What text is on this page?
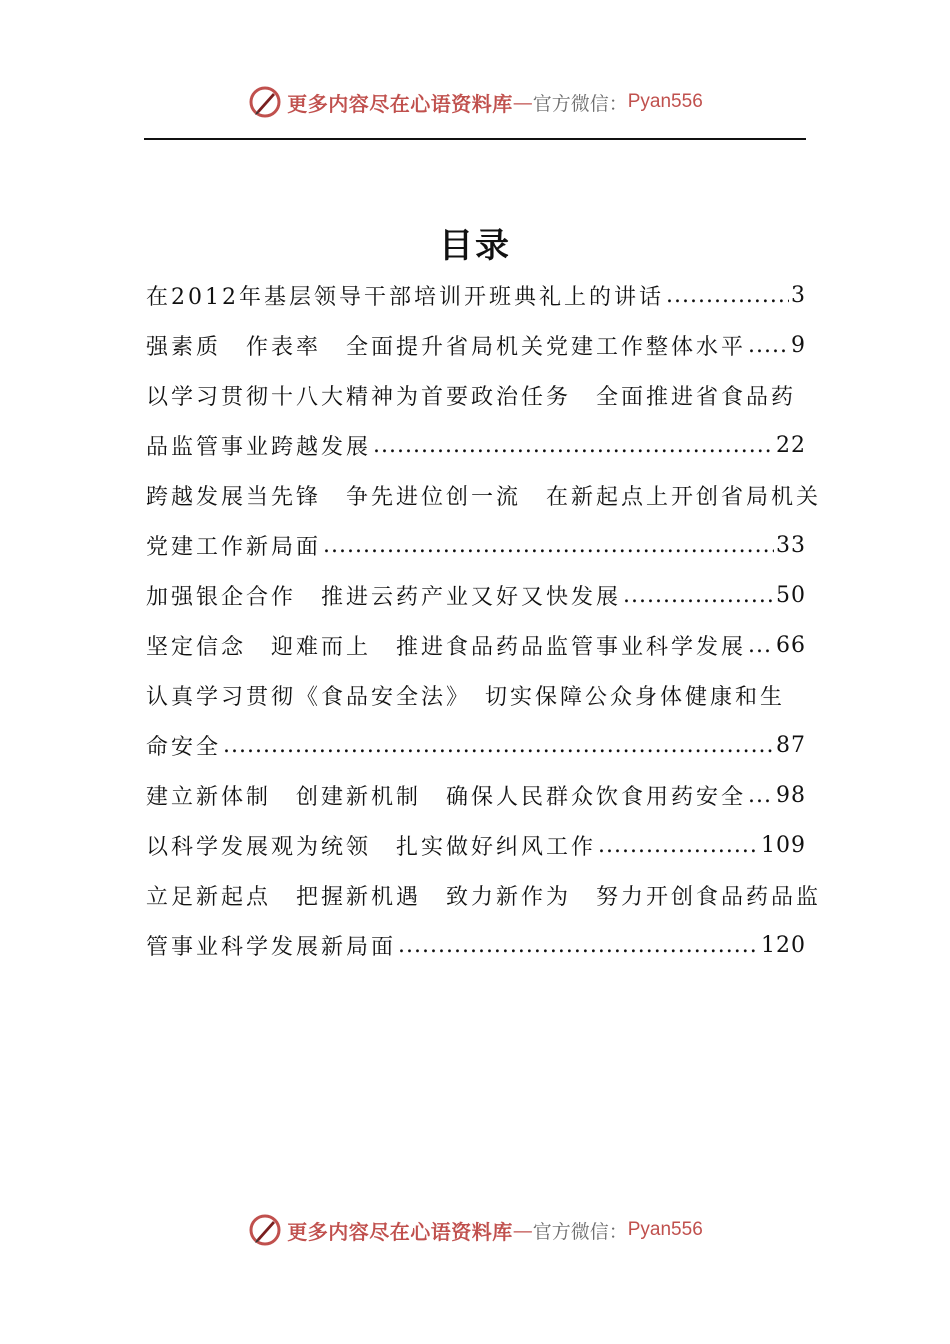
更多内容尽在心语资料库 — 官方微信： Pyan556
目录
在2012年基层领导干部培训开班典礼上的讲话 .....	3
强素质　作表率　全面提升省局机关党建工作整体水平 ..... 9
以学习贯彻十八大精神为首要政治任务　全面推进省食品药
品监管事业跨越发展 .....	22
跨越发展当先锋　争先进位创一流　在新起点上开创省局机关
党建工作新局面 .....	33
加强银企合作　推进云药产业又好又快发展 .....	50
坚定信念　迎难而上　推进食品药品监管事业科学发展 ..... 66
认真学习贯彻《食品安全法》　切实保障公众身体健康和生
命安全 .....	87
建立新体制　创建新机制　确保人民群众饮食用药安全 ..... 98
以科学发展观为统领　扎实做好纠风工作 .....	109
立足新起点　把握新机遇　致力新作为　努力开创食品药品监
管事业科学发展新局面 .....	120
更多内容尽在心语资料库 — 官方微信： Pyan556
